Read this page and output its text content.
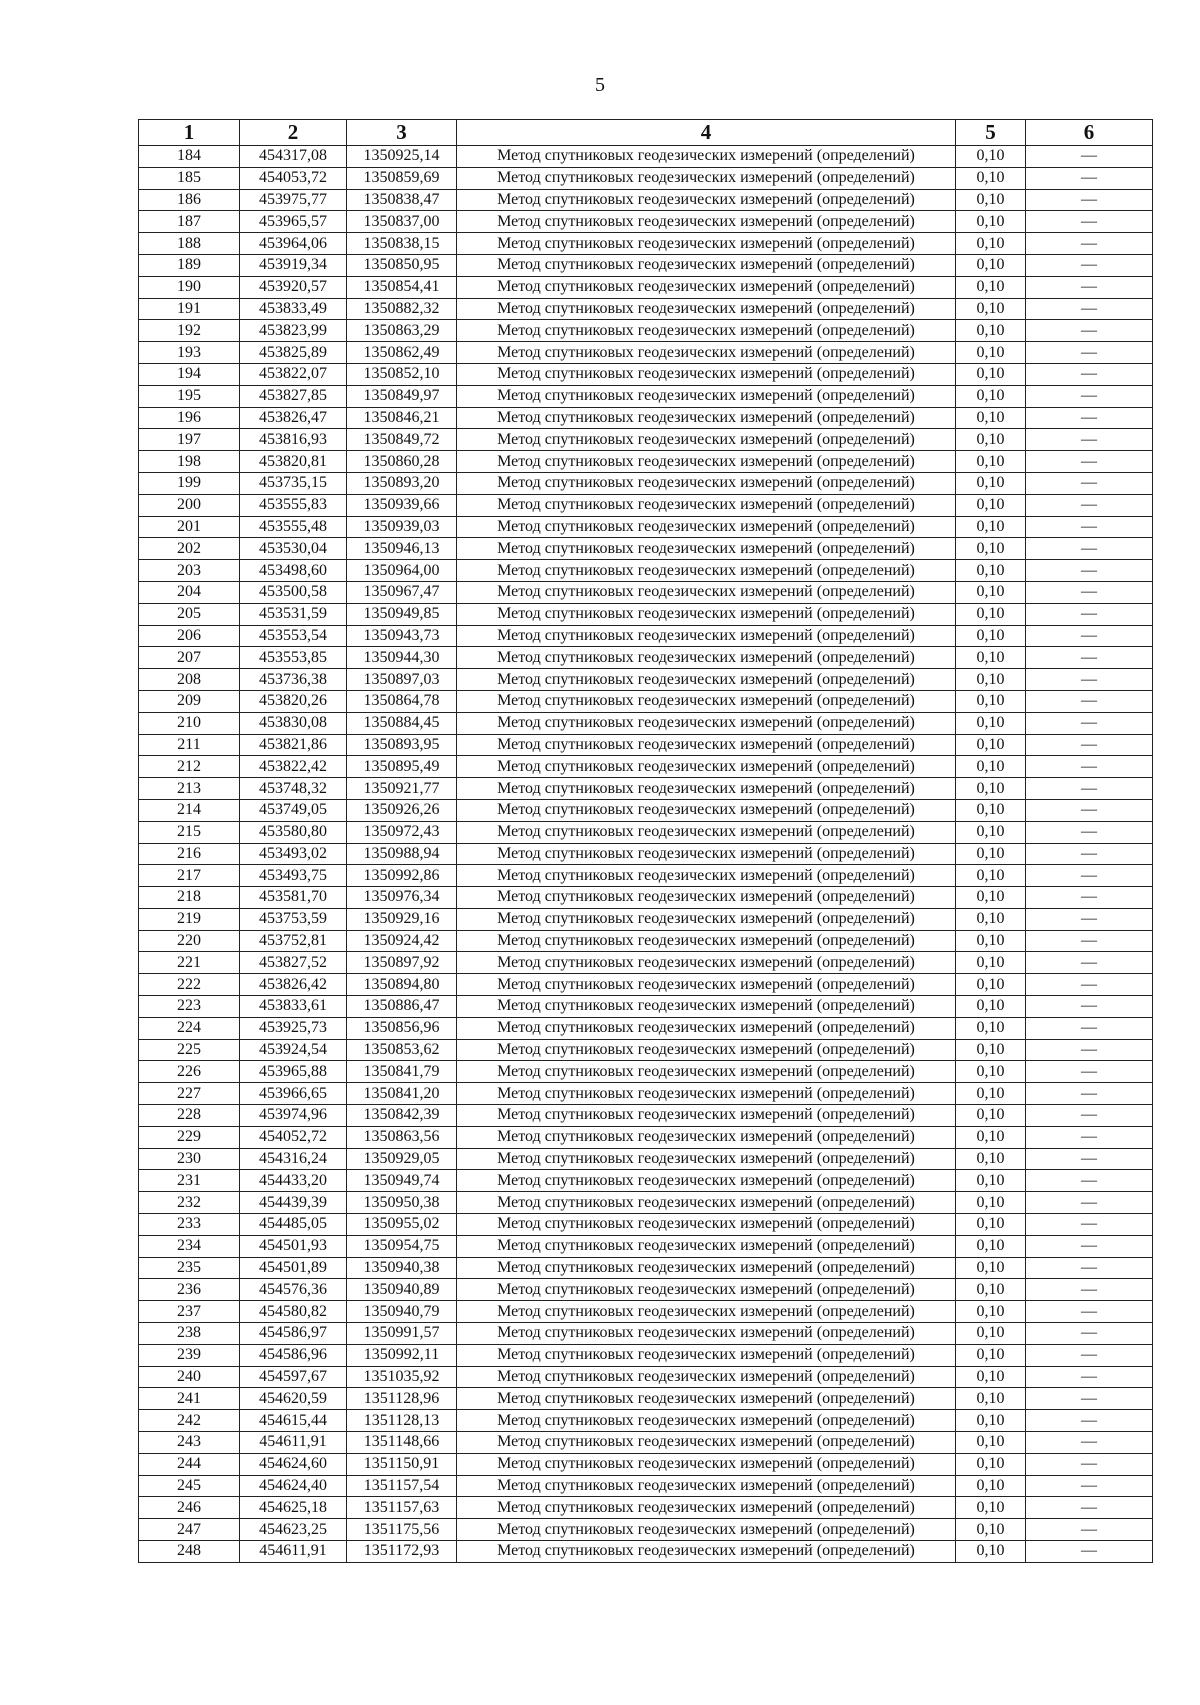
5
1	2	3	4	5	6
184	454317,08	1350925,14	Метод спутниковых геодезических измерений (определений)	0,10	—
185	454053,72	1350859,69	Метод спутниковых геодезических измерений (определений)	0,10	—
186	453975,77	1350838,47	Метод спутниковых геодезических измерений (определений)	0,10	—
187	453965,57	1350837,00	Метод спутниковых геодезических измерений (определений)	0,10	—
188	453964,06	1350838,15	Метод спутниковых геодезических измерений (определений)	0,10	—
189	453919,34	1350850,95	Метод спутниковых геодезических измерений (определений)	0,10	—
190	453920,57	1350854,41	Метод спутниковых геодезических измерений (определений)	0,10	—
191	453833,49	1350882,32	Метод спутниковых геодезических измерений (определений)	0,10	—
192	453823,99	1350863,29	Метод спутниковых геодезических измерений (определений)	0,10	—
193	453825,89	1350862,49	Метод спутниковых геодезических измерений (определений)	0,10	—
194	453822,07	1350852,10	Метод спутниковых геодезических измерений (определений)	0,10	—
195	453827,85	1350849,97	Метод спутниковых геодезических измерений (определений)	0,10	—
196	453826,47	1350846,21	Метод спутниковых геодезических измерений (определений)	0,10	—
197	453816,93	1350849,72	Метод спутниковых геодезических измерений (определений)	0,10	—
198	453820,81	1350860,28	Метод спутниковых геодезических измерений (определений)	0,10	—
199	453735,15	1350893,20	Метод спутниковых геодезических измерений (определений)	0,10	—
200	453555,83	1350939,66	Метод спутниковых геодезических измерений (определений)	0,10	—
201	453555,48	1350939,03	Метод спутниковых геодезических измерений (определений)	0,10	—
202	453530,04	1350946,13	Метод спутниковых геодезических измерений (определений)	0,10	—
203	453498,60	1350964,00	Метод спутниковых геодезических измерений (определений)	0,10	—
204	453500,58	1350967,47	Метод спутниковых геодезических измерений (определений)	0,10	—
205	453531,59	1350949,85	Метод спутниковых геодезических измерений (определений)	0,10	—
206	453553,54	1350943,73	Метод спутниковых геодезических измерений (определений)	0,10	—
207	453553,85	1350944,30	Метод спутниковых геодезических измерений (определений)	0,10	—
208	453736,38	1350897,03	Метод спутниковых геодезических измерений (определений)	0,10	—
209	453820,26	1350864,78	Метод спутниковых геодезических измерений (определений)	0,10	—
210	453830,08	1350884,45	Метод спутниковых геодезических измерений (определений)	0,10	—
211	453821,86	1350893,95	Метод спутниковых геодезических измерений (определений)	0,10	—
212	453822,42	1350895,49	Метод спутниковых геодезических измерений (определений)	0,10	—
213	453748,32	1350921,77	Метод спутниковых геодезических измерений (определений)	0,10	—
214	453749,05	1350926,26	Метод спутниковых геодезических измерений (определений)	0,10	—
215	453580,80	1350972,43	Метод спутниковых геодезических измерений (определений)	0,10	—
216	453493,02	1350988,94	Метод спутниковых геодезических измерений (определений)	0,10	—
217	453493,75	1350992,86	Метод спутниковых геодезических измерений (определений)	0,10	—
218	453581,70	1350976,34	Метод спутниковых геодезических измерений (определений)	0,10	—
219	453753,59	1350929,16	Метод спутниковых геодезических измерений (определений)	0,10	—
220	453752,81	1350924,42	Метод спутниковых геодезических измерений (определений)	0,10	—
221	453827,52	1350897,92	Метод спутниковых геодезических измерений (определений)	0,10	—
222	453826,42	1350894,80	Метод спутниковых геодезических измерений (определений)	0,10	—
223	453833,61	1350886,47	Метод спутниковых геодезических измерений (определений)	0,10	—
224	453925,73	1350856,96	Метод спутниковых геодезических измерений (определений)	0,10	—
225	453924,54	1350853,62	Метод спутниковых геодезических измерений (определений)	0,10	—
226	453965,88	1350841,79	Метод спутниковых геодезических измерений (определений)	0,10	—
227	453966,65	1350841,20	Метод спутниковых геодезических измерений (определений)	0,10	—
228	453974,96	1350842,39	Метод спутниковых геодезических измерений (определений)	0,10	—
229	454052,72	1350863,56	Метод спутниковых геодезических измерений (определений)	0,10	—
230	454316,24	1350929,05	Метод спутниковых геодезических измерений (определений)	0,10	—
231	454433,20	1350949,74	Метод спутниковых геодезических измерений (определений)	0,10	—
232	454439,39	1350950,38	Метод спутниковых геодезических измерений (определений)	0,10	—
233	454485,05	1350955,02	Метод спутниковых геодезических измерений (определений)	0,10	—
234	454501,93	1350954,75	Метод спутниковых геодезических измерений (определений)	0,10	—
235	454501,89	1350940,38	Метод спутниковых геодезических измерений (определений)	0,10	—
236	454576,36	1350940,89	Метод спутниковых геодезических измерений (определений)	0,10	—
237	454580,82	1350940,79	Метод спутниковых геодезических измерений (определений)	0,10	—
238	454586,97	1350991,57	Метод спутниковых геодезических измерений (определений)	0,10	—
239	454586,96	1350992,11	Метод спутниковых геодезических измерений (определений)	0,10	—
240	454597,67	1351035,92	Метод спутниковых геодезических измерений (определений)	0,10	—
241	454620,59	1351128,96	Метод спутниковых геодезических измерений (определений)	0,10	—
242	454615,44	1351128,13	Метод спутниковых геодезических измерений (определений)	0,10	—
243	454611,91	1351148,66	Метод спутниковых геодезических измерений (определений)	0,10	—
244	454624,60	1351150,91	Метод спутниковых геодезических измерений (определений)	0,10	—
245	454624,40	1351157,54	Метод спутниковых геодезических измерений (определений)	0,10	—
246	454625,18	1351157,63	Метод спутниковых геодезических измерений (определений)	0,10	—
247	454623,25	1351175,56	Метод спутниковых геодезических измерений (определений)	0,10	—
248	454611,91	1351172,93	Метод спутниковых геодезических измерений (определений)	0,10	—
